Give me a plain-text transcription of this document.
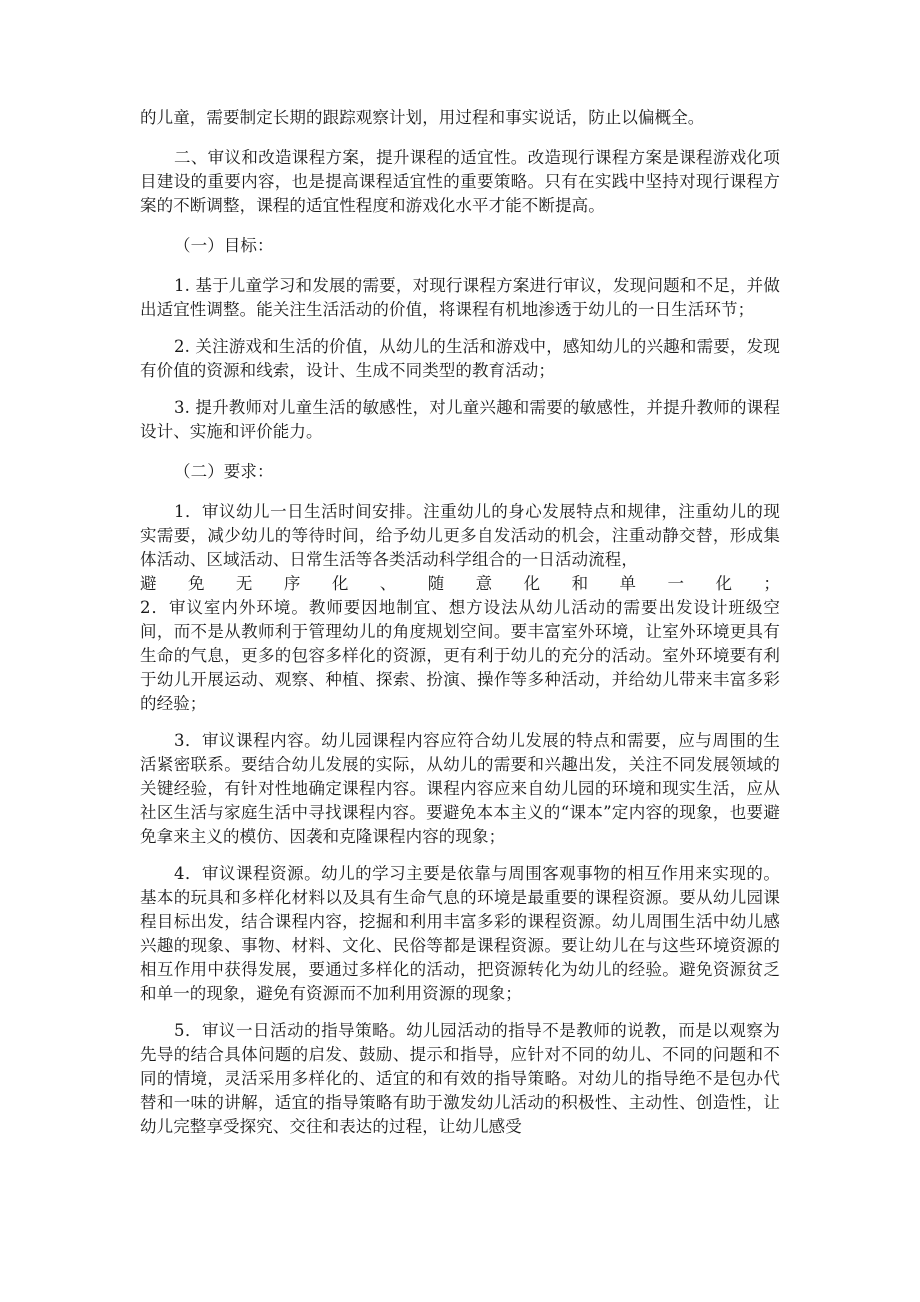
的儿童，需要制定长期的跟踪观察计划，用过程和事实说话，防止以偏概全。

二、审议和改造课程方案，提升课程的适宜性。改造现行课程方案是课程游戏化项目建设的重要内容，也是提高课程适宜性的重要策略。只有在实践中坚持对现行课程方案的不断调整，课程的适宜性程度和游戏化水平才能不断提高。

（一）目标：

1. 基于儿童学习和发展的需要，对现行课程方案进行审议，发现问题和不足，并做出适宜性调整。能关注生活活动的价值，将课程有机地渗透于幼儿的一日生活环节；

2. 关注游戏和生活的价值，从幼儿的生活和游戏中，感知幼儿的兴趣和需要，发现有价值的资源和线索，设计、生成不同类型的教育活动；

3. 提升教师对儿童生活的敏感性，对儿童兴趣和需要的敏感性，并提升教师的课程设计、实施和评价能力。

（二）要求：

1．审议幼儿一日生活时间安排。注重幼儿的身心发展特点和规律，注重幼儿的现实需要，减少幼儿的等待时间，给予幼儿更多自发活动的机会，注重动静交替，形成集体活动、区域活动、日常生活等各类活动科学组合的一日活动流程，

避免无序化、随意化和单一化；

2．审议室内外环境。教师要因地制宜、想方设法从幼儿活动的需要出发设计班级空间，而不是从教师利于管理幼儿的角度规划空间。要丰富室外环境，让室外环境更具有生命的气息，更多的包容多样化的资源，更有利于幼儿的充分的活动。室外环境要有利于幼儿开展运动、观察、种植、探索、扮演、操作等多种活动，并给幼儿带来丰富多彩的经验；

3．审议课程内容。幼儿园课程内容应符合幼儿发展的特点和需要，应与周围的生活紧密联系。要结合幼儿发展的实际，从幼儿的需要和兴趣出发，关注不同发展领域的关键经验，有针对性地确定课程内容。课程内容应来自幼儿园的环境和现实生活，应从社区生活与家庭生活中寻找课程内容。要避免本本主义的“课本”定内容的现象，也要避免拿来主义的模仿、因袭和克隆课程内容的现象；

4．审议课程资源。幼儿的学习主要是依靠与周围客观事物的相互作用来实现的。基本的玩具和多样化材料以及具有生命气息的环境是最重要的课程资源。要从幼儿园课程目标出发，结合课程内容，挖掘和利用丰富多彩的课程资源。幼儿周围生活中幼儿感兴趣的现象、事物、材料、文化、民俗等都是课程资源。要让幼儿在与这些环境资源的相互作用中获得发展，要通过多样化的活动，把资源转化为幼儿的经验。避免资源贫乏和单一的现象，避免有资源而不加利用资源的现象；

5．审议一日活动的指导策略。幼儿园活动的指导不是教师的说教，而是以观察为先导的结合具体问题的启发、鼓励、提示和指导，应针对不同的幼儿、不同的问题和不同的情境，灵活采用多样化的、适宜的和有效的指导策略。对幼儿的指导绝不是包办代替和一味的讲解，适宜的指导策略有助于激发幼儿活动的积极性、主动性、创造性，让幼儿完整享受探究、交往和表达的过程，让幼儿感受
